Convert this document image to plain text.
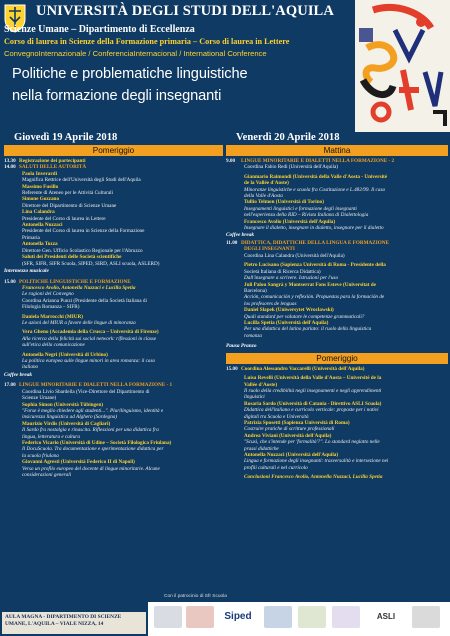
UNIVERSITÀ DEGLI STUDI DELL'AQUILA
Scienze Umane – Dipartimento di Eccellenza
Corso di laurea in Scienze della Formazione primaria – Corso di laurea in Lettere
ConvegnoInternazionale / ConferenciaInternacional / International Conference
Politiche e problematiche linguistiche
nella formazione degli insegnanti
Giovedì 19 Aprile 2018
Pomeriggio
13.30 Registrazione dei partecipanti
14.00 SALUTI DELLE AUTORITÀ
Paola Inverardi
Magnifica Rettrice dell'Università degli Studi dell'Aquila
Massimo Fusillo
Referente di Ateneo per le Attività Culturali
Simone Gozzano
Direttore del Dipartimento di Scienze Umane
Lina Calandra
Presidente del Corso di laurea in Lettere
Antonella Nuzzaci
Presidente del Corso di laurea in Scienze della Formazione
Primaria
Antonella Tozza
Direttore Gen. Ufficio Scolastico Regionale per l'Abruzzo
Saluti dei Presidenti delle Società scientifiche
(SFR, SIFR, SIFR Scuola, SIPED, SIRD, ASLI scuola, ASLERD)
Intermezzo musicale
15.00 POLITICHE LINGUISTICHE E FORMAZIONE
Francesco Avolio, Antonella Nuzzaci e Lucilla Spetia
Le ragioni del Convegno
Coordina Arianna Punzi (Presidente della Società Italiana di
Filologia Romanza – SIFR)
Daniela Marrocchi (MIUR)
Le azioni del MIUR a favore delle lingue di minoranza
Vera Gheno (Accademia della Crusca – Università di Firenze)
Alla ricerca della felicità sui social network: riflessioni in classe
sull'etica della comunicazione
Antonella Negri (Università di Urbino)
La politica europea sulle lingue minori in area romanza: il caso
italiano
Coffee break
17.00 LINGUE MINORITARIE E DIALETTI NELLA FORMAZIONE - 1
Coordina Livio Sbardella (Vice-Direttore del Dipartimento di
Scienze Umane)
Sophia Simon (Università Tübingen)
"Forse è meglio chiedere agli studenti...". Plurilinguismo, identità e
insicurezza linguistica ad Alghero (Sardegna)
Maurizio Virdis (Università di Cagliari)
Il Sardo fra nostalgia e rinascita. Riflessioni per una didattica fra
lingua, letteratura e cultura
Federico Vicario (Università di Udine – Società Filologica Friulana)
Il DocuScuola. Tra documentazione e sperimentazione didattica per
la scuola friulana
Giovanni Agresti (Università Federico II di Napoli)
Verso un profilo europeo del docente di lingue minoritarie. Alcune
considerazioni generali
Venerdì 20 Aprile 2018
Mattina
9.00 LINGUE MINORITARIE E DIALETTI NELLA FORMAZIONE - 2
Coordina Fabio Redi (Università dell'Aquila)
Gianmario Raimondi (Università della Valle d'Aosta - Université
de la Vallée d'Aoste)
Minoranze linguistiche e scuola fra Costituzione e L.482/99. Il caso
della Valle d'Aosta
Tullio Telmon (Università di Torino)
Insegnamenti linguistici e formazione degli insegnanti
nell'esperienza della RID – Rivista Italiana di Dialettologia
Francesco Avolio (Università dell'Aquila)
Insegnare il dialetto, insegnare in dialetto, insegnare per il dialetto
Coffee break
11.00 DIDATTICA, DIDATTICHE DELLA LINGUA E FORMAZIONE
DEGLI INSEGNANTI
Coordina Lina Calandra (Università dell'Aquila)
Pietro Lucisano (Sapienza Università di Roma - Presidente della
Società Italiana di Ricerca Didattica)
Dall'insegnare a scrivere. Istruzioni per l'uso
Juli Palou Sangrà y Montserrat Fons Esteve (Universitat de
Barcelona)
Acción, comunicación y reflexión. Propuestas para la formación de
los profesores de lenguas
Daniel Slapek (Uniwersytet Wrocławski)
Quali standard per valutare le competenze grammaticali?
Lucilla Spetia (Università dell'Aquila)
Per una didattica del latino parlato: il ruolo della linguistica
romanza
Pausa Pranzo
Pomeriggio
15.00 Coordina Alessandro Vaccarelli (Università dell'Aquila)
Luisa Revelli (Università della Valle d'Aosta – Université de la
Vallée d'Aoste)
Il ruolo della credibilità negli insegnamenti e negli apprendimenti
linguistici
Rosaria Sardo (Università di Catania - Direttivo ASLI Scuola)
Didattica dell'italiano e curricolo verticale: proposte per i nativi
digitali tra Scuola e Università
Patrizia Sposetti (Sapienza Università di Roma)
Costruire pratiche di scritture professionali
Andrea Viviani (Università dell'Aquila)
"Scusi, che s'intende per 'formalità'?". Lo standard neglatto nelle
prassi didattiche
Antonella Nuzzaci (Università dell'Aquila)
Lingua e formazione degli insegnanti: trasversalità e intersezione nei
profili culturali e nel curricolo
Conclusioni Francesco Avolio, Antonella Nuzzaci, Lucilla Spetia
Con il patrocinio di Sfr Scuola
AULA MAGNA - DIPARTIMENTO DI SCIENZE
UMANE, L'AQUILA – VIALE NIZZA, 14
Siped	ASLI
